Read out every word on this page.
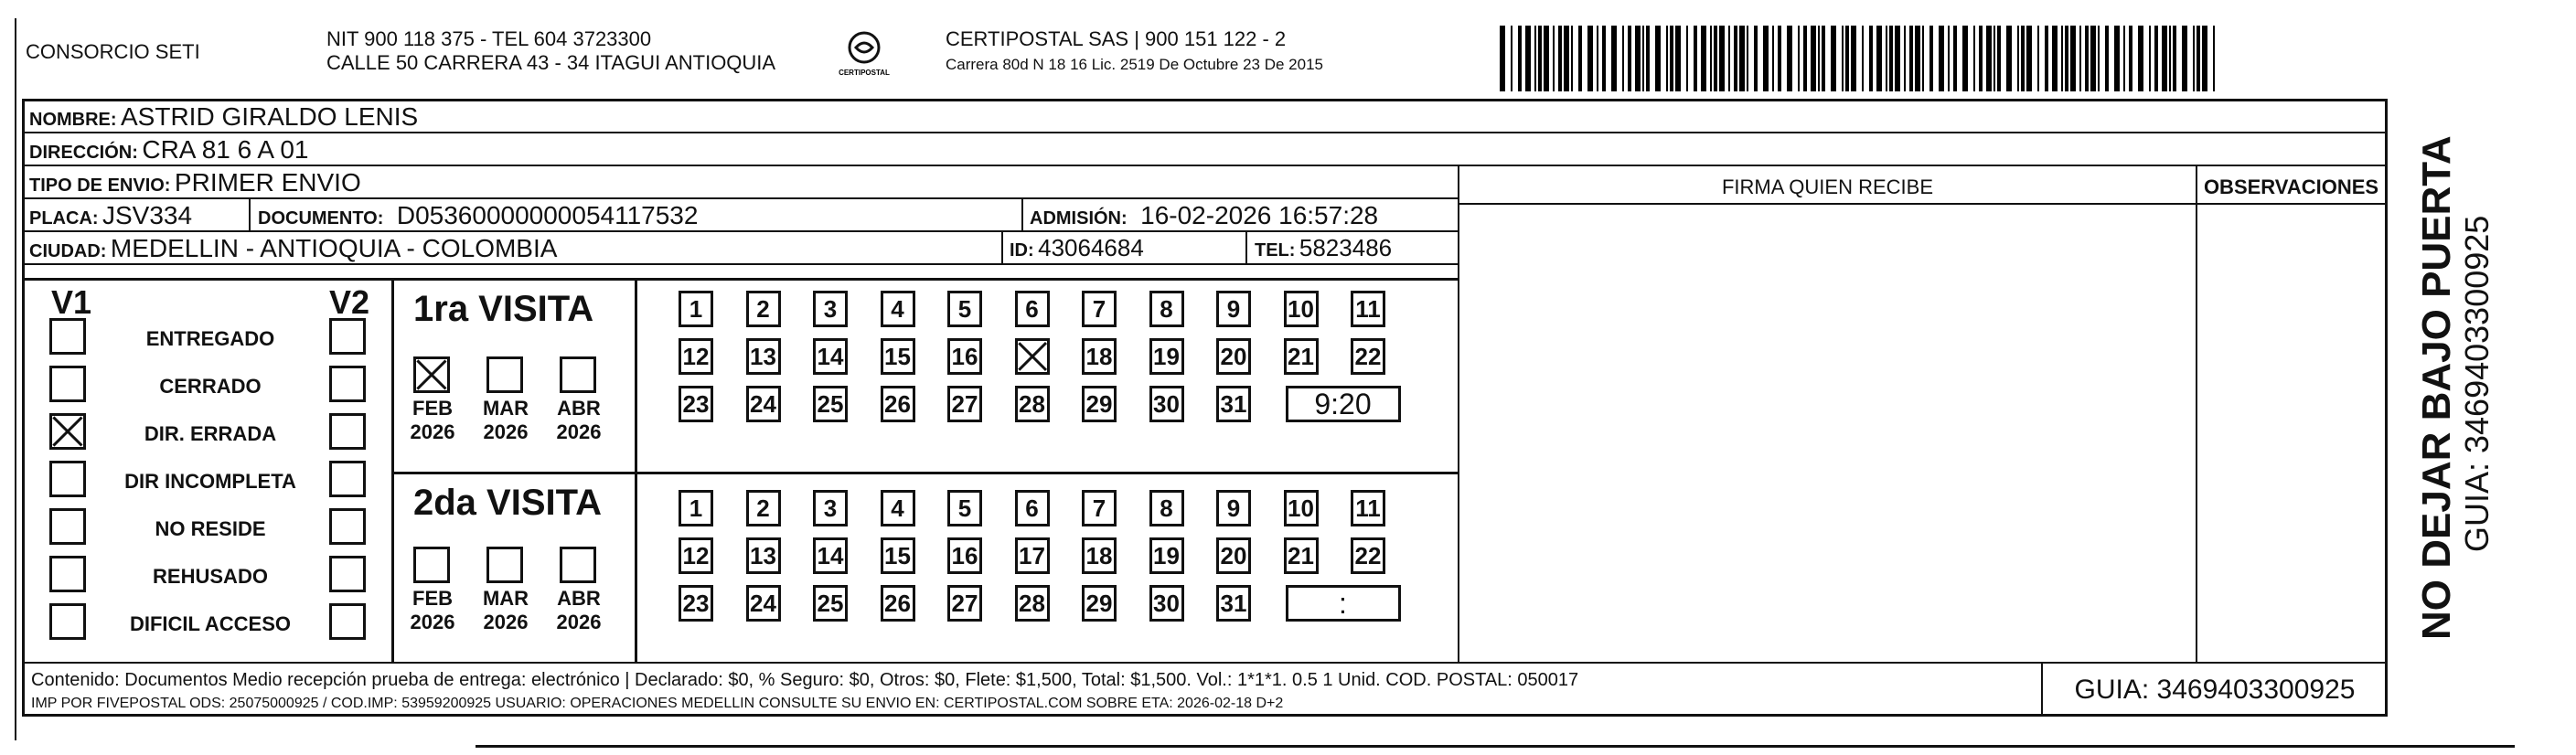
CONSORCIO SETI
NIT 900 118 375 - TEL 604 3723300
CALLE 50 CARRERA 43 - 34 ITAGUI ANTIOQUIA	CERTIPOSTAL
CERTIPOSTAL SAS | 900 151 122 - 2
Carrera 80d N 18 16 Lic. 2519 De Octubre 23 De 2015
NOMBRE: ASTRID GIRALDO LENIS
DIRECCIÓN: CRA 81 6 A 01
TIPO DE ENVIO: PRIMER ENVIO
PLACA: JSV334	DOCUMENTO: D05360000000054117532	ADMISIÓN: 16-02-2026 16:57:28
CIUDAD: MEDELLIN - ANTIOQUIA - COLOMBIA	ID: 43064684	TEL: 5823486
FIRMA QUIEN RECIBE	OBSERVACIONES
V1	V2
ENTREGADO
CERRADO
DIR. ERRADA
DIR INCOMPLETA
NO RESIDE
REHUSADO
DIFICIL ACCESO
1ra VISITA
FEB
2026
MAR
2026
ABR
2026
1	2	3	4	5	6	7	8	9	10 11
12 13 14 15 16	18 19 20 21 22
23 24 25 26 27 28 29 30 31	9:20
2da VISITA
FEB
2026
MAR
2026
ABR
2026
1	2	3	4	5	6	7	8	9	10 11
12 13 14 15 16 17 18 19 20 21 22
23 24 25 26 27 28 29 30 31	:
Contenido: Documentos Medio recepción prueba de entrega: electrónico | Declarado: $0, % Seguro: $0, Otros: $0, Flete: $1,500, Total: $1,500. Vol.: 1*1*1. 0.5 1 Unid. COD. POSTAL: 050017
IMP POR FIVEPOSTAL ODS: 25075000925 / COD.IMP: 53959200925 USUARIO: OPERACIONES MEDELLIN CONSULTE SU ENVIO EN: CERTIPOSTAL.COM SOBRE ETA: 2026-02-18 D+2	GUIA: 3469403300925
NO DEJAR BAJO PUERTA GUIA: 3469403300925
